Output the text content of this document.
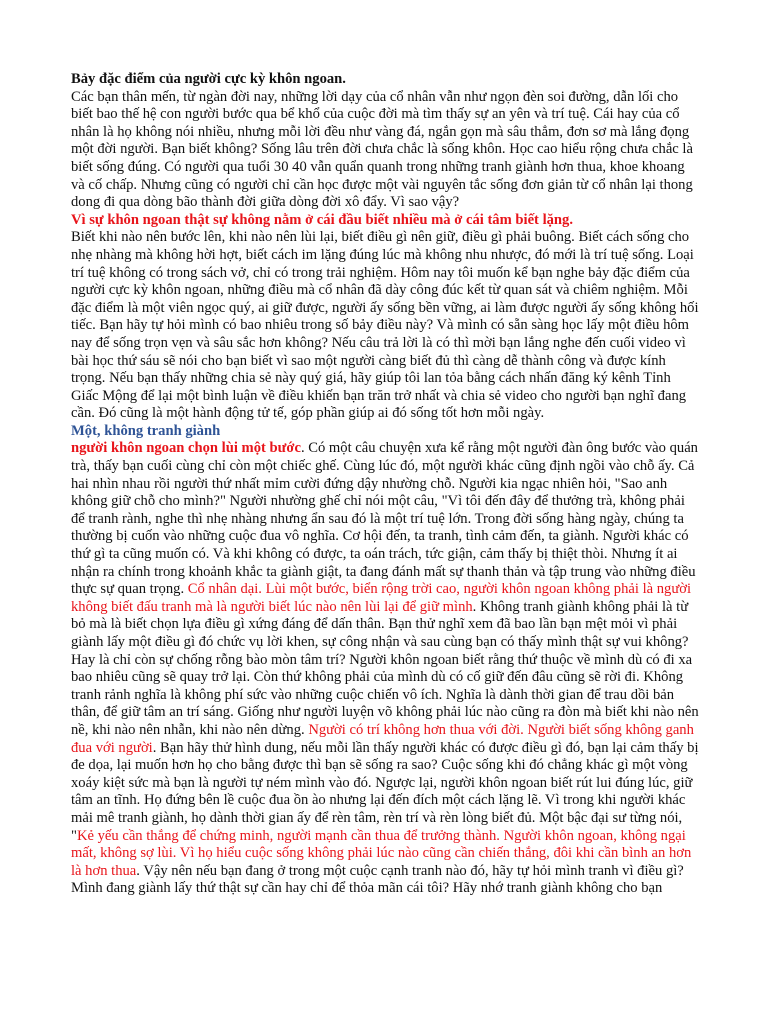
Bảy đặc điểm của người cực kỳ khôn ngoan.

Các bạn thân mến, từ ngàn đời nay, những lời dạy của cổ nhân vẫn như ngọn đèn soi đường, dẫn lối cho biết bao thế hệ con người bước qua bể khổ của cuộc đời mà tìm thấy sự an yên và trí tuệ. Cái hay của cổ nhân là họ không nói nhiều, nhưng mỗi lời đều như vàng đá, ngắn gọn mà sâu thẳm, đơn sơ mà lắng đọng một đời người. Bạn biết không? Sống lâu trên đời chưa chắc là sống khôn. Học cao hiểu rộng chưa chắc là biết sống đúng. Có người qua tuổi 30 40 vẫn quẩn quanh trong những tranh giành hơn thua, khoe khoang và cố chấp. Nhưng cũng có người chỉ cần học được một vài nguyên tắc sống đơn giản từ cổ nhân lại thong dong đi qua dòng bão thành đời giữa dòng đời xô đẩy. Vì sao vậy?

Vì sự khôn ngoan thật sự không nằm ở cái đầu biết nhiều mà ở cái tâm biết lặng.

Biết khi nào nên bước lên, khi nào nên lùi lại, biết điều gì nên giữ, điều gì phải buông. Biết cách sống cho nhẹ nhàng mà không hời hợt, biết cách im lặng đúng lúc mà không nhu nhược, đó mới là trí tuệ sống. Loại trí tuệ không có trong sách vở, chỉ có trong trải nghiệm. Hôm nay tôi muốn kể bạn nghe bảy đặc điểm của người cực kỳ khôn ngoan, những điều mà cổ nhân đã dày công đúc kết từ quan sát và chiêm nghiệm. Mỗi đặc điểm là một viên ngọc quý, ai giữ được, người ấy sống bền vững, ai làm được người ấy sống không hối tiếc. Bạn hãy tự hỏi mình có bao nhiêu trong số bảy điều này? Và mình có sẵn sàng học lấy một điều hôm nay để sống trọn vẹn và sâu sắc hơn không? Nếu câu trả lời là có thì mời bạn lắng nghe đến cuối video vì bài học thứ sáu sẽ nói cho bạn biết vì sao một người càng biết đủ thì càng dễ thành công và được kính trọng. Nếu bạn thấy những chia sẻ này quý giá, hãy giúp tôi lan tỏa bằng cách nhấn đăng ký kênh Tỉnh Giấc Mộng để lại một bình luận về điều khiến bạn trăn trở nhất và chia sẻ video cho người bạn nghĩ đang cần. Đó cũng là một hành động tử tế, góp phần giúp ai đó sống tốt hơn mỗi ngày.

Một, không tranh giành

người khôn ngoan chọn lùi một bước. Có một câu chuyện xưa kể rằng một người đàn ông bước vào quán trà, thấy bạn cuối cùng chỉ còn một chiếc ghế. Cùng lúc đó, một người khác cũng định ngồi vào chỗ ấy. Cả hai nhìn nhau rồi người thứ nhất mỉm cười đứng dậy nhường chỗ. Người kia ngạc nhiên hỏi, "Sao anh không giữ chỗ cho mình?" Người nhường ghế chỉ nói một câu, "Vì tôi đến đây để thưởng trà, không phải để tranh rành, nghe thì nhẹ nhàng nhưng ẩn sau đó là một trí tuệ lớn. Trong đời sống hàng ngày, chúng ta thường bị cuốn vào những cuộc đua vô nghĩa. Cơ hội đến, ta tranh, tình cảm đến, ta giành. Người khác có thứ gì ta cũng muốn có. Và khi không có được, ta oán trách, tức giận, cảm thấy bị thiệt thòi. Nhưng ít ai nhận ra chính trong khoảnh khắc ta giành giật, ta đang đánh mất sự thanh thản và tập trung vào những điều thực sự quan trọng. Cổ nhân dại. Lùi một bước, biển rộng trời cao, người khôn ngoan không phải là người không biết đấu tranh mà là người biết lúc nào nên lùi lại để giữ mình. Không tranh giành không phải là từ bỏ mà là biết chọn lựa điều gì xứng đáng để dấn thân. Bạn thử nghĩ xem đã bao lần bạn mệt mỏi vì phải giành lấy một điều gì đó chức vụ lời khen, sự công nhận và sau cùng bạn có thấy mình thật sự vui không? Hay là chỉ còn sự chống rỗng bào mòn tâm trí? Người khôn ngoan biết rằng thứ thuộc về mình dù có đi xa bao nhiêu cũng sẽ quay trở lại. Còn thứ không phải của mình dù có cố giữ đến đâu cũng sẽ rời đi. Không tranh rảnh nghĩa là không phí sức vào những cuộc chiến vô ích. Nghĩa là dành thời gian để trau dồi bản thân, để giữ tâm an trí sáng. Giống như người luyện võ không phải lúc nào cũng ra đòn mà biết khi nào nên nề, khi nào nên nhẫn, khi nào nên dừng. Người có trí không hơn thua với đời. Người biết sống không ganh đua với người. Bạn hãy thử hình dung, nếu mỗi lần thấy người khác có được điều gì đó, bạn lại cảm thấy bị đe dọa, lại muốn hơn họ cho bằng được thì bạn sẽ sống ra sao? Cuộc sống khi đó chẳng khác gì một vòng xoáy kiệt sức mà bạn là người tự ném mình vào đó. Ngược lại, người khôn ngoan biết rút lui đúng lúc, giữ tâm an tĩnh. Họ đứng bên lề cuộc đua ồn ào nhưng lại đến đích một cách lặng lẽ. Vì trong khi người khác mải mê tranh giành, họ dành thời gian ấy để rèn tâm, rèn trí và rèn lòng biết đủ. Một bậc đại sư từng nói, "Kẻ yếu cần thắng để chứng minh, người mạnh cần thua để trưởng thành. Người khôn ngoan, không ngại mất, không sợ lùi. Vì họ hiểu cuộc sống không phải lúc nào cũng cần chiến thắng, đôi khi cần bình an hơn là hơn thua. Vậy nên nếu bạn đang ở trong một cuộc cạnh tranh nào đó, hãy tự hỏi mình tranh vì điều gì? Mình đang giành lấy thứ thật sự cần hay chỉ để thỏa mãn cái tôi? Hãy nhớ tranh giành không cho bạn
